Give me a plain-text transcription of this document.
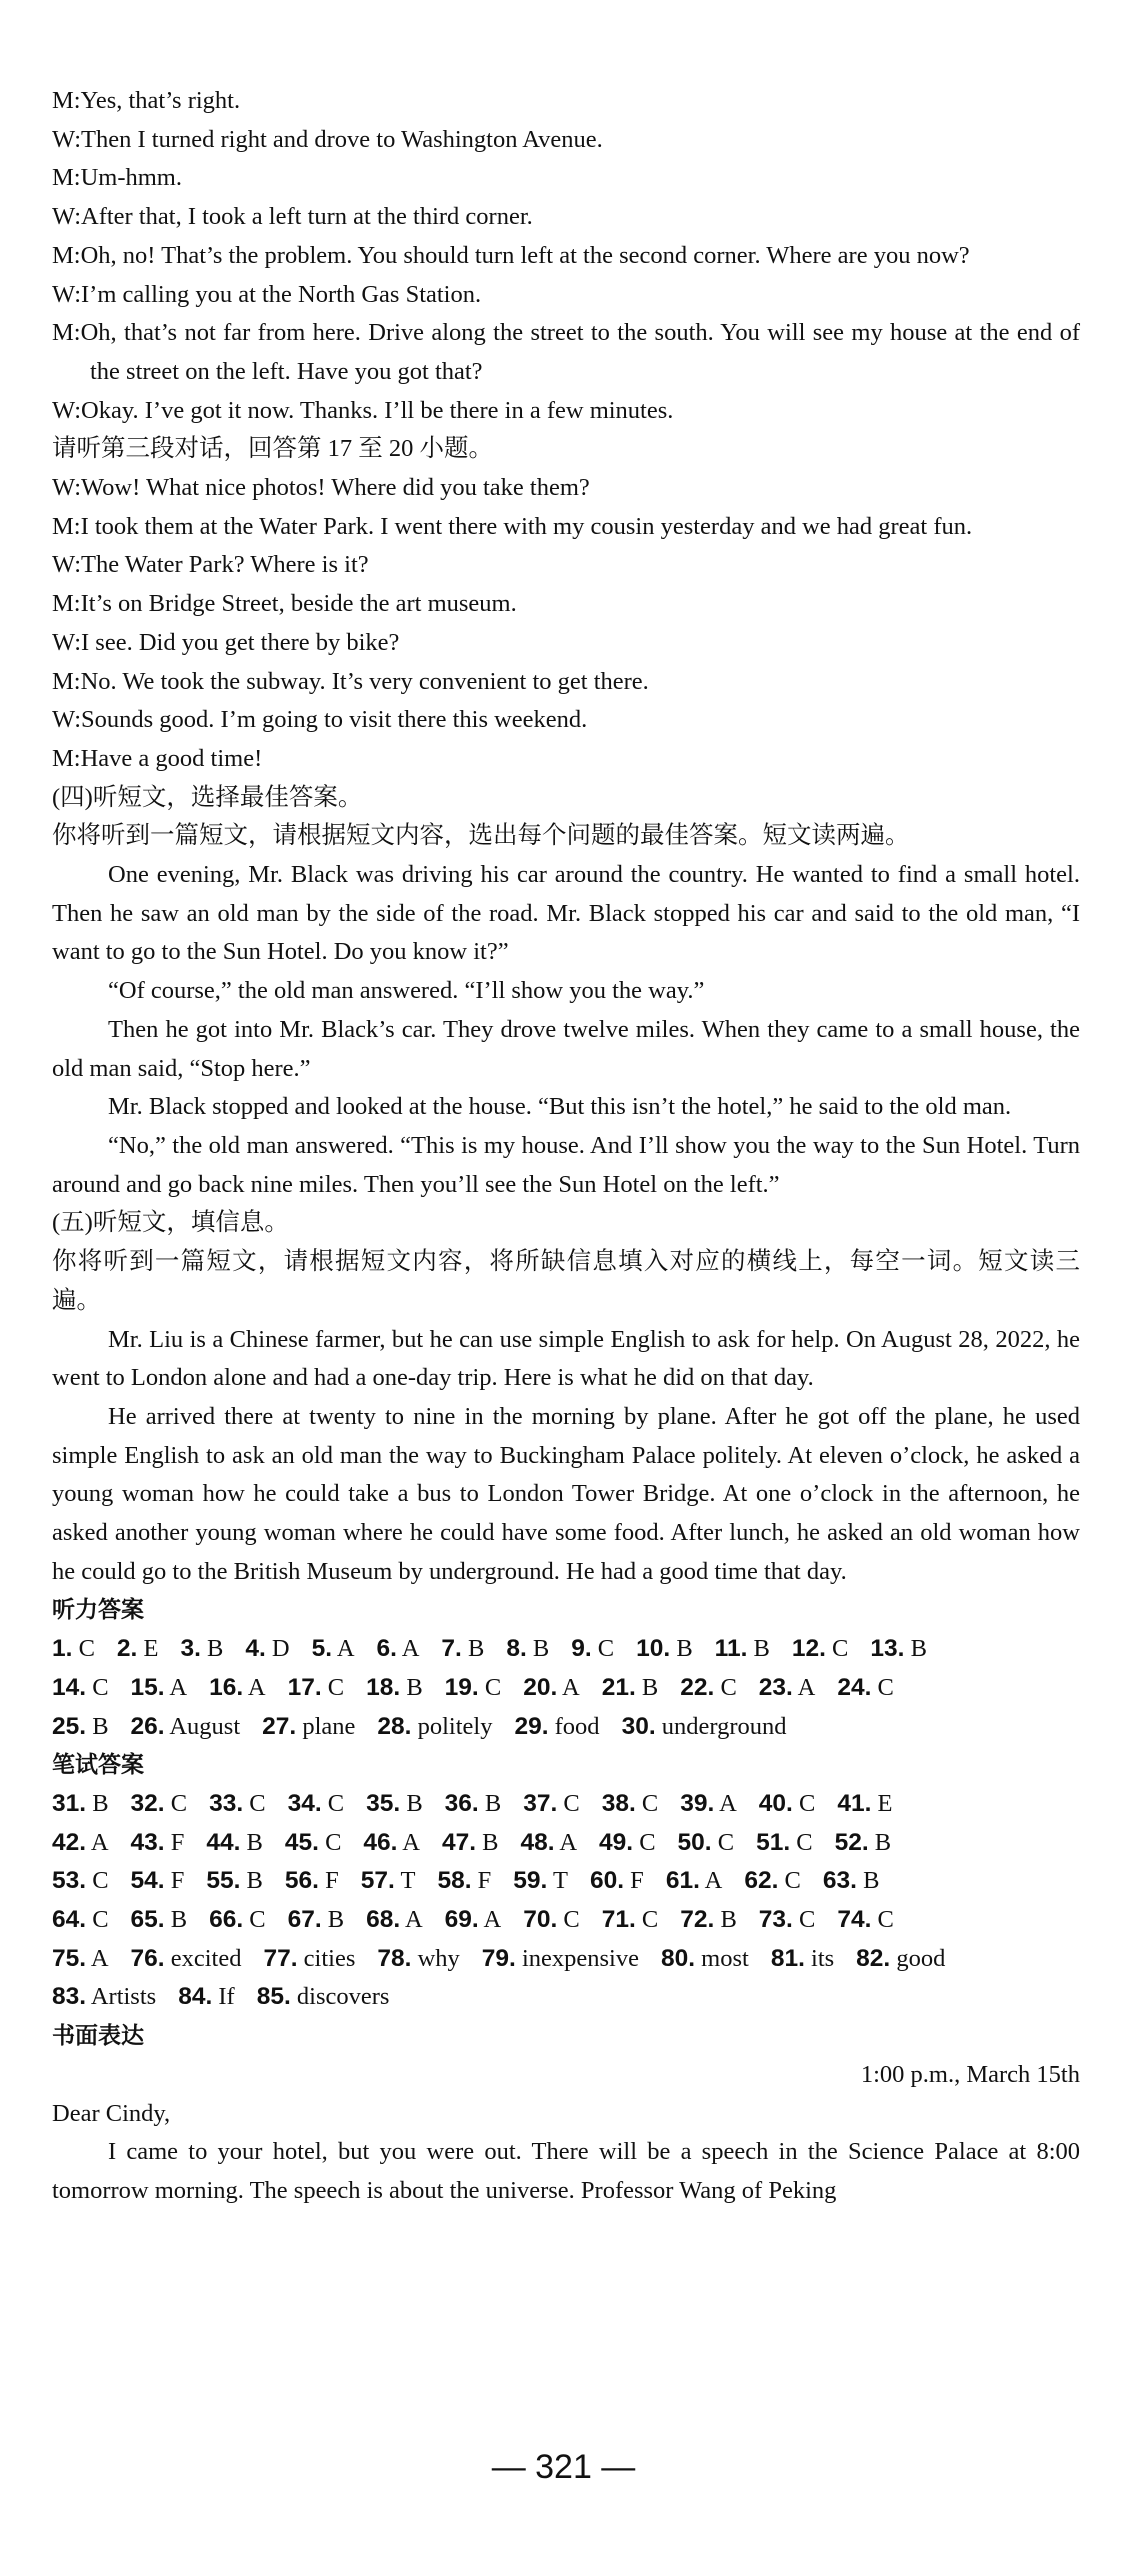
M:Yes, that’s right.

W:Then I turned right and drove to Washington Avenue.

M:Um-hmm.

W:After that, I took a left turn at the third corner.

M:Oh, no! That’s the problem. You should turn left at the second corner. Where are you now?

W:I’m calling you at the North Gas Station.

M:Oh, that’s not far from here. Drive along the street to the south. You will see my house at the end of the street on the left. Have you got that?

W:Okay. I’ve got it now. Thanks. I’ll be there in a few minutes.

请听第三段对话，回答第 17 至 20 小题。

W:Wow! What nice photos! Where did you take them?

M:I took them at the Water Park. I went there with my cousin yesterday and we had great fun.

W:The Water Park? Where is it?

M:It’s on Bridge Street, beside the art museum.

W:I see. Did you get there by bike?

M:No. We took the subway. It’s very convenient to get there.

W:Sounds good. I’m going to visit there this weekend.

M:Have a good time!

(四)听短文，选择最佳答案。

你将听到一篇短文，请根据短文内容，选出每个问题的最佳答案。短文读两遍。

One evening, Mr. Black was driving his car around the country. He wanted to find a small hotel. Then he saw an old man by the side of the road. Mr. Black stopped his car and said to the old man, “I want to go to the Sun Hotel. Do you know it?”

“Of course,” the old man answered. “I’ll show you the way.”

Then he got into Mr. Black’s car. They drove twelve miles. When they came to a small house, the old man said, “Stop here.”

Mr. Black stopped and looked at the house. “But this isn’t the hotel,” he said to the old man.

“No,” the old man answered. “This is my house. And I’ll show you the way to the Sun Hotel. Turn around and go back nine miles. Then you’ll see the Sun Hotel on the left.”

(五)听短文，填信息。

你将听到一篇短文，请根据短文内容，将所缺信息填入对应的横线上，每空一词。短文读三遍。

Mr. Liu is a Chinese farmer, but he can use simple English to ask for help. On August 28, 2022, he went to London alone and had a one-day trip. Here is what he did on that day.

He arrived there at twenty to nine in the morning by plane. After he got off the plane, he used simple English to ask an old man the way to Buckingham Palace politely. At eleven o’clock, he asked a young woman how he could take a bus to London Tower Bridge. At one o’clock in the afternoon, he asked another young woman where he could have some food. After lunch, he asked an old woman how he could go to the British Museum by underground. He had a good time that day.

听力答案

1. C 2. E 3. B 4. D 5. A 6. A 7. B 8. B 9. C 10. B 11. B 12. C 13. B
14. C 15. A 16. A 17. C 18. B 19. C 20. A 21. B 22. C 23. A 24. C
25. B 26. August 27. plane 28. politely 29. food 30. underground

笔试答案

31. B 32. C 33. C 34. C 35. B 36. B 37. C 38. C 39. A 40. C 41. E
42. A 43. F 44. B 45. C 46. A 47. B 48. A 49. C 50. C 51. C 52. B
53. C 54. F 55. B 56. F 57. T 58. F 59. T 60. F 61. A 62. C 63. B
64. C 65. B 66. C 67. B 68. A 69. A 70. C 71. C 72. B 73. C 74. C
75. A 76. excited 77. cities 78. why 79. inexpensive 80. most 81. its 82. good
83. Artists 84. If 85. discovers

书面表达

1:00 p.m., March 15th

Dear Cindy,

I came to your hotel, but you were out. There will be a speech in the Science Palace at 8:00 tomorrow morning. The speech is about the universe. Professor Wang of Peking

— 321 —
